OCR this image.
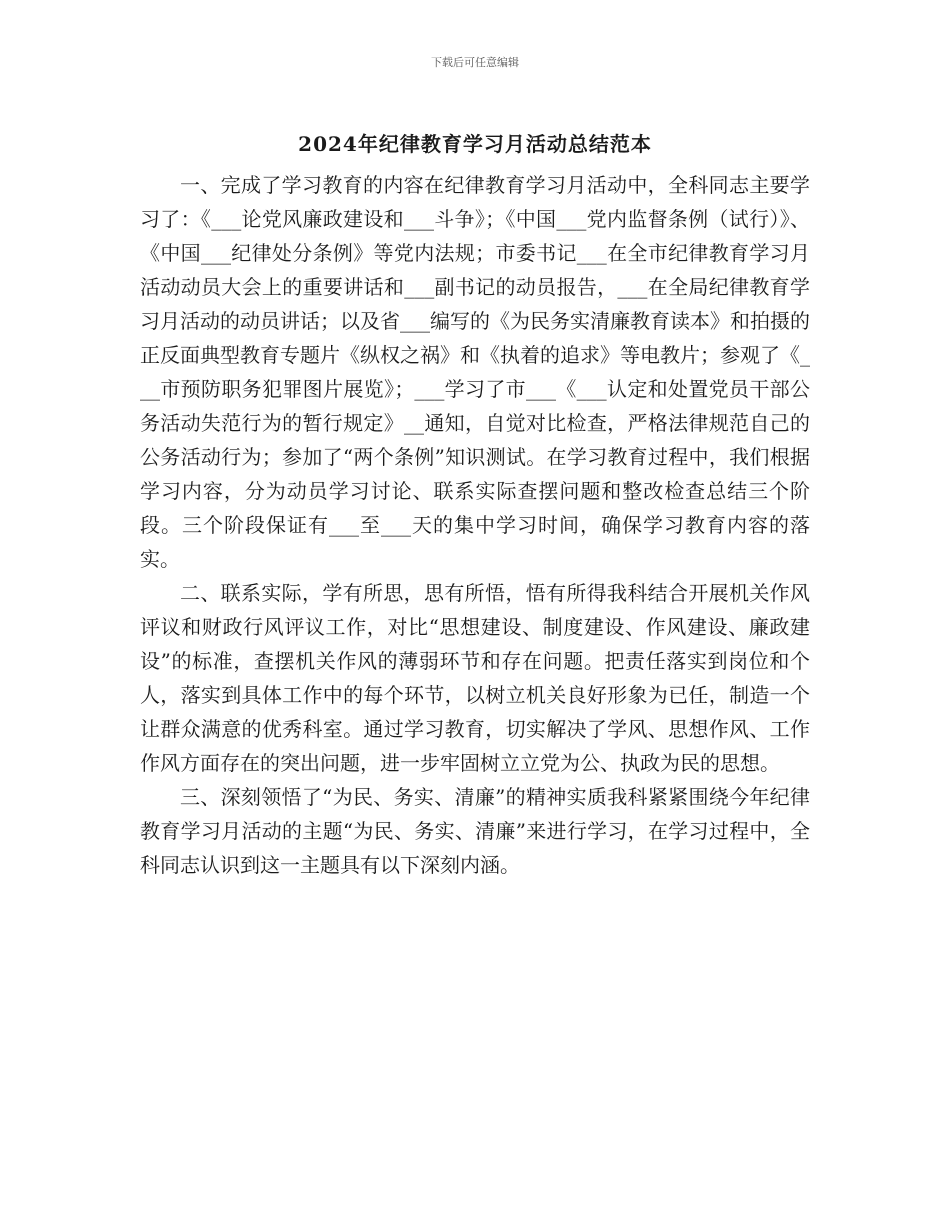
下载后可任意编辑
2024年纪律教育学习月活动总结范本

一、完成了学习教育的内容在纪律教育学习月活动中，全科同志主要学习了：《___论党风廉政建设和___斗争》；《中国___党内监督条例（试行）》、《中国___纪律处分条例》等党内法规；市委书记___在全市纪律教育学习月活动动员大会上的重要讲话和___副书记的动员报告，___在全局纪律教育学习月活动的动员讲话；以及省___编写的《为民务实清廉教育读本》和拍摄的正反面典型教育专题片《纵权之祸》和《执着的追求》等电教片；参观了《___市预防职务犯罪图片展览》；___学习了市___《___认定和处置党员干部公务活动失范行为的暂行规定》__通知，自觉对比检查，严格法律规范自己的公务活动行为；参加了“两个条例”知识测试。在学习教育过程中，我们根据学习内容，分为动员学习讨论、联系实际查摆问题和整改检查总结三个阶段。三个阶段保证有___至___天的集中学习时间，确保学习教育内容的落实。

二、联系实际，学有所思，思有所悟，悟有所得我科结合开展机关作风评议和财政行风评议工作，对比“思想建设、制度建设、作风建设、廉政建设”的标准，查摆机关作风的薄弱环节和存在问题。把责任落实到岗位和个人，落实到具体工作中的每个环节，以树立机关良好形象为已任，制造一个让群众满意的优秀科室。通过学习教育，切实解决了学风、思想作风、工作作风方面存在的突出问题，进一步牢固树立立党为公、执政为民的思想。

三、深刻领悟了“为民、务实、清廉”的精神实质我科紧紧围绕今年纪律教育学习月活动的主题“为民、务实、清廉”来进行学习，在学习过程中，全科同志认识到这一主题具有以下深刻内涵。
